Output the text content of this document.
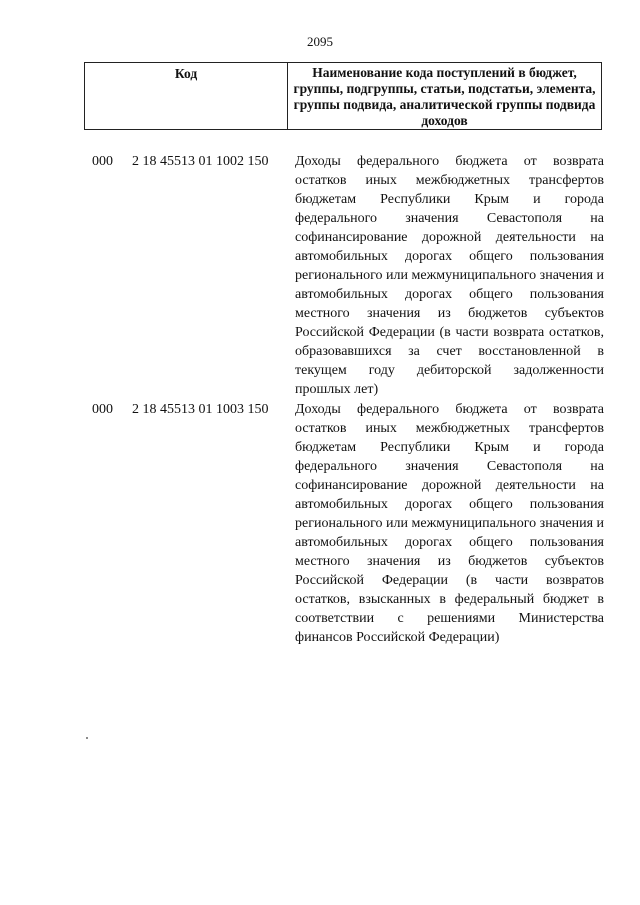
2095
Код	Наименование кода поступлений в бюджет, группы, подгруппы, статьи, подстатьи, элемента, группы подвида, аналитической группы подвида доходов
000	2 18 45513 01 1002 150	Доходы федерального бюджета от возврата остатков иных межбюджетных трансфертов бюджетам Республики Крым и города федерального значения Севастополя на софинансирование дорожной деятельности на автомобильных дорогах общего пользования регионального или межмуниципального значения и автомобильных дорогах общего пользования местного значения из бюджетов субъектов Российской Федерации (в части возврата остатков, образовавшихся за счет восстановленной в текущем году дебиторской задолженности прошлых лет)
000	2 18 45513 01 1003 150	Доходы федерального бюджета от возврата остатков иных межбюджетных трансфертов бюджетам Республики Крым и города федерального значения Севастополя на софинансирование дорожной деятельности на автомобильных дорогах общего пользования регионального или межмуниципального значения и автомобильных дорогах общего пользования местного значения из бюджетов субъектов Российской Федерации (в части возвратов остатков, взысканных в федеральный бюджет в соответствии с решениями Министерства финансов Российской Федерации)
